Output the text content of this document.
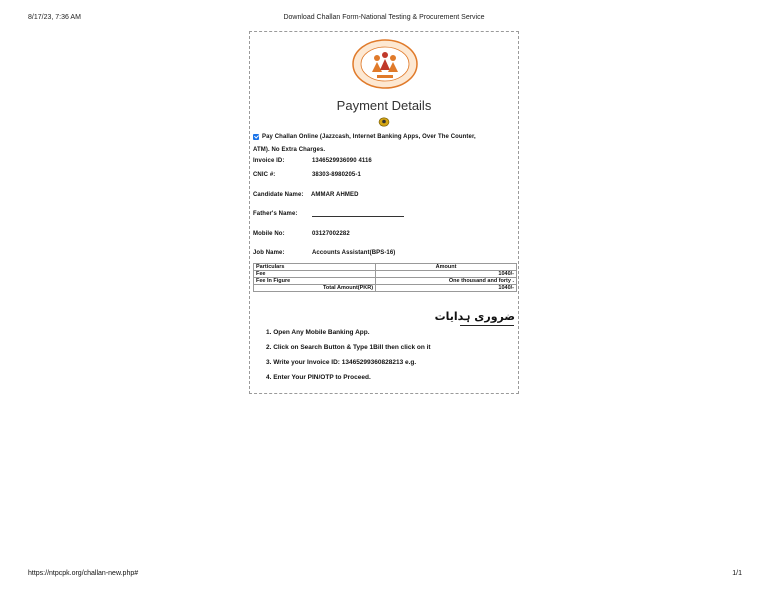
8/17/23, 7:36 AM	Download Challan Form-National Testing & Procurement Service
Payment Details
Pay Challan Online (Jazzcash, Internet Banking Apps, Over The Counter,
ATM). No Extra Charges.
Invoice ID:	1346529936090 4116
CNIC #:	38303-8980205-1
Candidate Name: AMMAR AHMED
Father's Name:
Mobile No:	03127002282
Job Name:	Accounts Assistant(BPS-16)
Particulars	Amount
Fee	1040/-
Fee In Figure	One thousand and forty .
Total Amount(PKR)	1040/-
ضروری ہدایات
1. Open Any Mobile Banking App.
2. Click on Search Button & Type 1Bill then click on it
3. Write your Invoice ID: 13465299360828213 e.g.
4. Enter Your PIN/OTP to Proceed.
https://ntpcpk.org/challan-new.php#	1/1
